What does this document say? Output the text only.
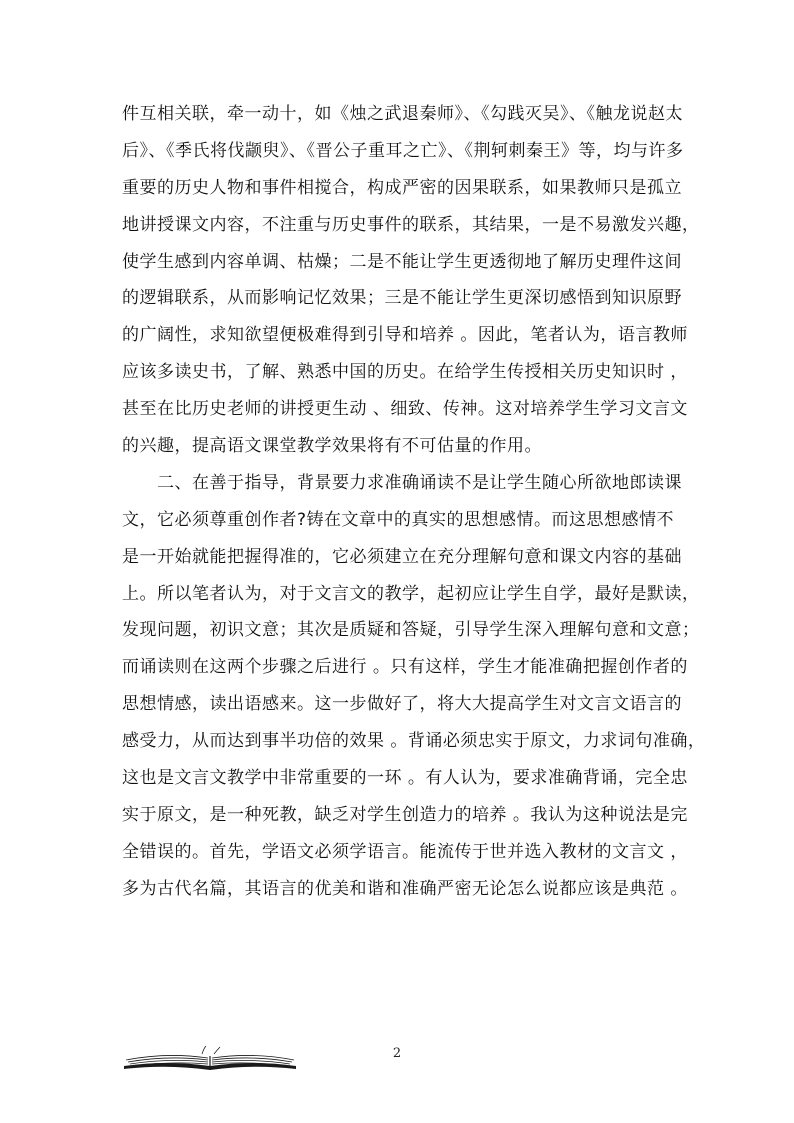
件互相关联，牵一动十，如《烛之武退秦师》、《勾践灭吴》、《触龙说赵太
后》、《季氏将伐颛臾》、《晋公子重耳之亡》、《荆轲刺秦王》等，均与许多
重要的历史人物和事件相搅合，构成严密的因果联系，如果教师只是孤立
地讲授课文内容，不注重与历史事件的联系，其结果，一是不易激发兴趣，
使学生感到内容单调、枯燥；二是不能让学生更透彻地了解历史理件这间
的逻辑联系，从而影响记忆效果；三是不能让学生更深切感悟到知识原野
的广阔性，求知欲望便极难得到引导和培养 。因此，笔者认为，语言教师
应该多读史书，了解、熟悉中国的历史。在给学生传授相关历史知识时 ，
甚至在比历史老师的讲授更生动 、细致、传神。这对培养学生学习文言文
的兴趣，提高语文课堂教学效果将有不可估量的作用。
　　二、在善于指导，背景要力求准确诵读不是让学生随心所欲地郎读课
文，它必须尊重创作者?铸在文章中的真实的思想感情。而这思想感情不
是一开始就能把握得准的，它必须建立在充分理解句意和课文内容的基础
上。所以笔者认为，对于文言文的教学，起初应让学生自学，最好是默读，
发现问题，初识文意；其次是质疑和答疑，引导学生深入理解句意和文意；
而诵读则在这两个步骤之后进行 。只有这样，学生才能准确把握创作者的
思想情感，读出语感来。这一步做好了，将大大提高学生对文言文语言的
感受力，从而达到事半功倍的效果 。背诵必须忠实于原文，力求词句准确，
这也是文言文教学中非常重要的一环 。有人认为，要求准确背诵，完全忠
实于原文，是一种死教，缺乏对学生创造力的培养 。我认为这种说法是完
全错误的。首先，学语文必须学语言。能流传于世并选入教材的文言文 ，
多为古代名篇，其语言的优美和谐和准确严密无论怎么说都应该是典范 。
2
